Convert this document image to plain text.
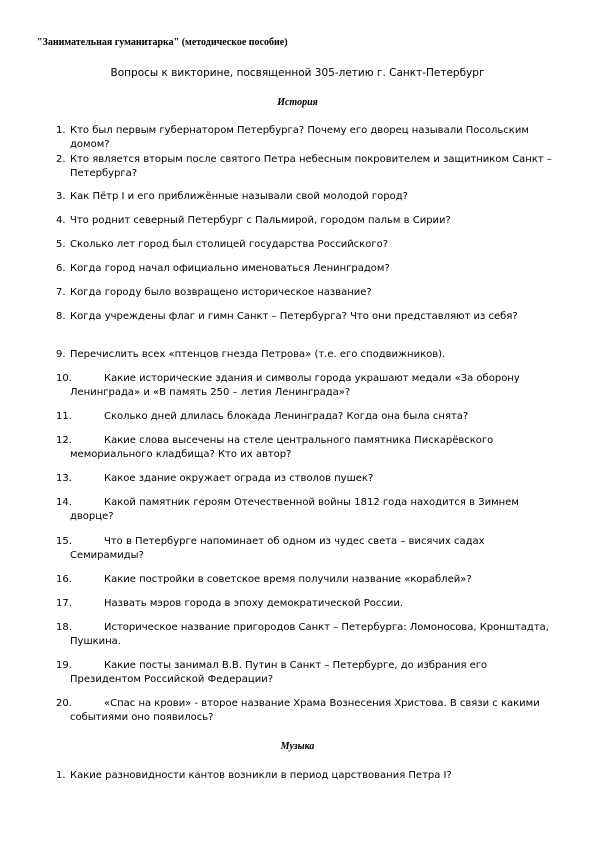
"Занимательная гуманитарка" (методическое пособие)
Вопросы к викторине, посвященной 305-летию г. Санкт-Петербург
История
1. Кто был первым губернатором Петербурга? Почему его дворец называли Посольским домом?
2. Кто является вторым после святого Петра небесным покровителем и защитником Санкт – Петербурга?
3. Как Пётр I и его приближённые называли свой молодой город?
4. Что роднит северный Петербург с Пальмирой, городом пальм в Сирии?
5. Сколько лет город был столицей государства Российского?
6. Когда город начал официально именоваться Ленинградом?
7. Когда городу было возвращено историческое название?
8. Когда учреждены флаг и гимн Санкт – Петербурга? Что они представляют из себя?
9. Перечислить всех «птенцов гнезда Петрова» (т.е. его сподвижников).
10.	Какие исторические здания и символы города украшают медали «За оборону Ленинграда» и «В память 250 – летия Ленинграда»?
11.	Сколько дней длилась блокада Ленинграда? Когда она была снята?
12.	Какие слова высечены на стеле центрального памятника Пискарёвского мемориального кладбища? Кто их автор?
13.	Какое здание окружает ограда из стволов пушек?
14.	Какой памятник героям Отечественной войны 1812 года находится в Зимнем дворце?
15.	Что в Петербурге напоминает об одном из чудес света – висячих садах Семирамиды?
16.	Какие постройки в советское время получили название «кораблей»?
17.	Назвать мэров города в эпоху демократической России.
18.	Историческое название пригородов Санкт – Петербурга: Ломоносова, Кронштадта, Пушкина.
19.	Какие посты занимал В.В. Путин в Санкт – Петербурге, до избрания его Президентом Российской Федерации?
20.	«Спас на крови» - второе название Храма Вознесения Христова. В связи с какими событиями оно появилось?
Музыка
1. Какие разновидности кантов возникли в период царствования Петра I?
